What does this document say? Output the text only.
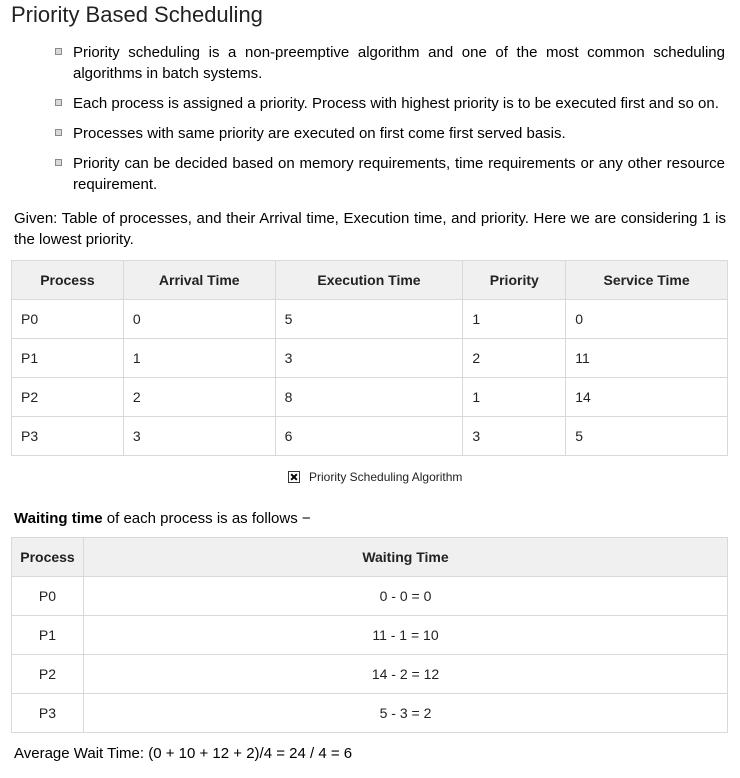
Priority Based Scheduling
Priority scheduling is a non-preemptive algorithm and one of the most common scheduling algorithms in batch systems.
Each process is assigned a priority. Process with highest priority is to be executed first and so on.
Processes with same priority are executed on first come first served basis.
Priority can be decided based on memory requirements, time requirements or any other resource requirement.

Given: Table of processes, and their Arrival time, Execution time, and priority. Here we are considering 1 is the lowest priority.

Process	Arrival Time	Execution Time	Priority	Service Time
P0	0	5	1	0
P1	1	3	2	11
P2	2	8	1	14
P3	3	6	3	5
Priority Scheduling Algorithm

Waiting time of each process is as follows −

Process	Waiting Time
P0	0 - 0 = 0
P1	11 - 1 = 10
P2	14 - 2 = 12
P3	5 - 3 = 2

Average Wait Time: (0 + 10 + 12 + 2)/4 = 24 / 4 = 6
